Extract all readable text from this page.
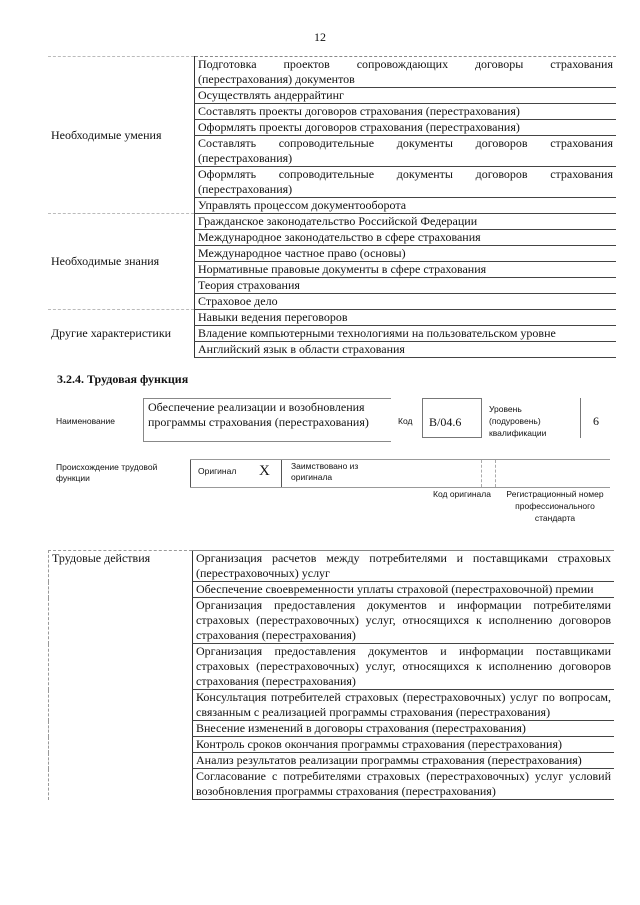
12
Необходимые умения	Подготовка проектов сопровождающих договоры страхования (перестрахования) документов
	Осуществлять андеррайтинг
	Составлять проекты договоров страхования (перестрахования)
	Оформлять проекты договоров страхования (перестрахования)
	Составлять сопроводительные документы договоров страхования (перестрахования)
	Оформлять сопроводительные документы договоров страхования (перестрахования)
	Управлять процессом документооборота
Необходимые знания	Гражданское законодательство Российской Федерации
	Международное законодательство в сфере страхования
	Международное частное право (основы)
	Нормативные правовые документы в сфере страхования
	Теория страхования
	Страховое дело
Другие характеристики	Навыки ведения переговоров
	Владение компьютерными технологиями на пользовательском уровне
	Английский язык в области страхования
3.2.4. Трудовая функция
Наименование
Обеспечение реализации и возобновления программы страхования (перестрахования)	Код	B/04.6
Уровень (подуровень) квалификации
6
Происхождение трудовой функции
Оригинал X Заимствовано из оригинала
Код оригинала	Регистрационный номер профессионального стандарта
Трудовые действия	Организация расчетов между потребителями и поставщиками страховых (перестраховочных) услуг
Обеспечение своевременности уплаты страховой (перестраховочной) премии
Организация предоставления документов и информации потребителями страховых (перестраховочных) услуг, относящихся к исполнению договоров страхования (перестрахования)
Организация предоставления документов и информации поставщиками страховых (перестраховочных) услуг, относящихся к исполнению договоров страхования (перестрахования)
Консультация потребителей страховых (перестраховочных) услуг по вопросам, связанным с реализацией программы страхования (перестрахования)
Внесение изменений в договоры страхования (перестрахования)
Контроль сроков окончания программы страхования (перестрахования)
Анализ результатов реализации программы страхования (перестрахования)
Согласование с потребителями страховых (перестраховочных) услуг условий возобновления программы страхования (перестрахования)
